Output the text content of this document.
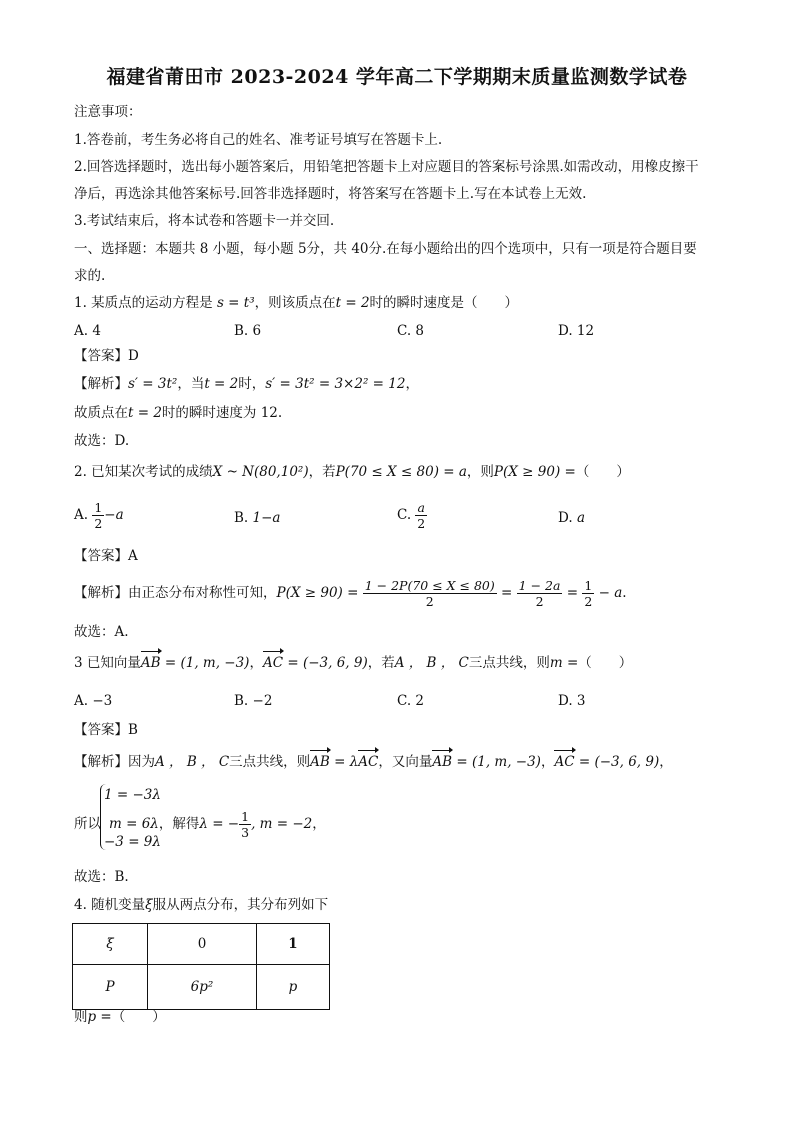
福建省莆田市 2023-2024 学年高二下学期期末质量监测数学试卷
注意事项：
1.答卷前，考生务必将自己的姓名、准考证号填写在答题卡上.
2.回答选择题时，选出每小题答案后，用铅笔把答题卡上对应题目的答案标号涂黑.如需改动，用橡皮擦干
净后，再选涂其他答案标号.回答非选择题时，将答案写在答题卡上.写在本试卷上无效.
3.考试结束后，将本试卷和答题卡一并交回.
一、选择题：本题共 8 小题，每小题 5分，共 40分.在每小题给出的四个选项中，只有一项是符合题目要
求的.
1. 某质点的运动方程是 s = t³，则该质点在t = 2时的瞬时速度是（　　）
A. 4	B. 6	C. 8	D. 12
【答案】D
【解析】s′ = 3t²，当t = 2时，s′ = 3t² = 3×2² = 12，
故质点在t = 2时的瞬时速度为 12.
故选：D.
2. 已知某次考试的成绩X ~ N(80,10²)，若P(70 ≤ X ≤ 80) = a，则P(X ≥ 90) =（　　）
A. $\frac{1}{2} -a$	B. 1−a	C. $\frac{a}{2}$	D. a
【答案】A
【解析】由正态分布对称性可知，$P(X \ge 90) = \frac{1 - 2P(70 \le X \le 80)}{2} = \frac{1 - 2a}{2} = \frac{1}{2} - a$.
故选：A.
3 已知向量AB = (1, m, −3)，AC = (−3, 6, 9)，若A ， B ， C三点共线，则m =（　　）
A. −3	B. −2	C. 2	D. 3
【答案】B
【解析】因为A ， B ， C三点共线，则AB = λAC，又向量AB = (1, m, −3)，AC = (−3, 6, 9)，
1 = −3λ
所以 m = 6λ，解得λ = − $\frac{1}{3}$ , m = −2，
−3 = 9λ
故选：B.
4. 随机变量ξ服从两点分布，其分布列如下
ξ	0	1
P	6p²	p
则p =（　　）
